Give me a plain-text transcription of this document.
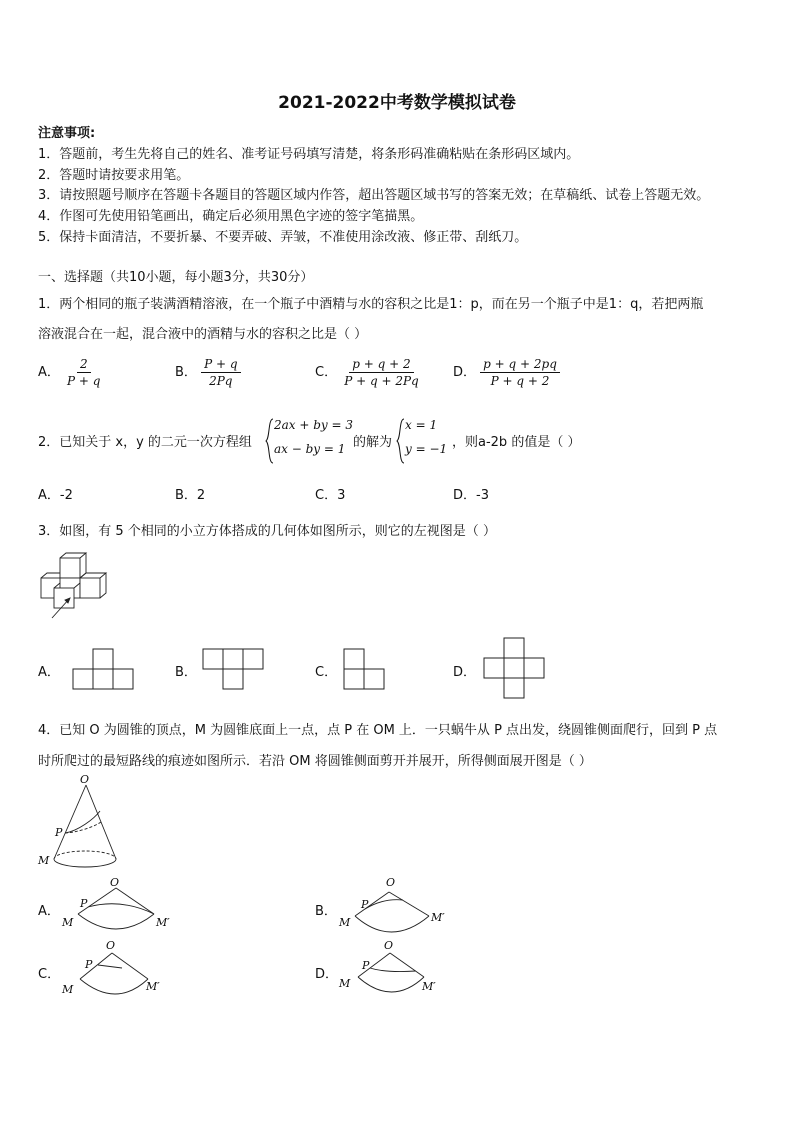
2021-2022中考数学模拟试卷
注意事项:
1．答题前，考生先将自己的姓名、准考证号码填写清楚，将条形码准确粘贴在条形码区域内。
2．答题时请按要求用笔。
3．请按照题号顺序在答题卡各题目的答题区域内作答，超出答题区域书写的答案无效；在草稿纸、试卷上答题无效。
4．作图可先使用铅笔画出，确定后必须用黑色字迹的签字笔描黑。
5．保持卡面清洁，不要折暴、不要弄破、弄皱，不准使用涂改液、修正带、刮纸刀。
一、选择题（共10小题，每小题3分，共30分）
1．两个相同的瓶子装满酒精溶液，在一个瓶子中酒精与水的容积之比是1：p，而在另一个瓶子中是1：q，若把两瓶
溶液混合在一起，混合液中的酒精与水的容积之比是（ ）
A． $\frac{2}{P + q}$	B． $\frac{P + q}{2Pq}$	C． $\frac{p + q + 2}{P + q + 2Pq}$ D． $\frac{p + q + 2pq}{P + q + 2}$
2．已知关于 x，y 的二元一次方程组
2ax + by = 3
ax − by = 1 的解为
x = 1
y = −1 ，则a-2b 的值是（ ）
A．-2	B．2	C．3	D．-3
3．如图，有 5 个相同的小立方体搭成的几何体如图所示，则它的左视图是（ ）
A．	B．	C．	D．
4．已知 O 为圆锥的顶点，M 为圆锥底面上一点，点 P 在 OM 上．一只蜗牛从 P 点出发，绕圆锥侧面爬行，回到 P 点
时所爬过的最短路线的痕迹如图所示．若沿 OM 将圆锥侧面剪开并展开，所得侧面展开图是（ ）
O
P
M
A．
O
P
M	M′
B．
O
P
M	M′
C．
O
P
M	M′
D．
O
P
M	M′
